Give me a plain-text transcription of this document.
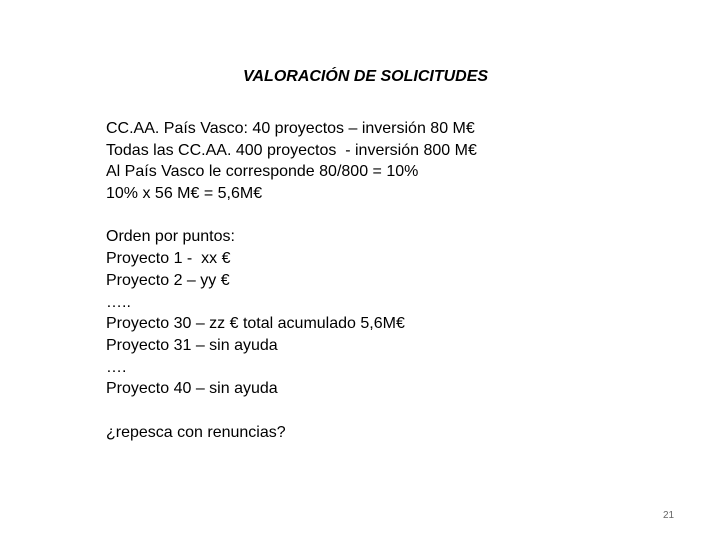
VALORACIÓN DE SOLICITUDES
CC.AA. País Vasco: 40 proyectos – inversión 80 M€
Todas las CC.AA. 400 proyectos  - inversión 800 M€
Al País Vasco le corresponde 80/800 = 10%
10% x 56 M€ = 5,6M€
Orden por puntos:
Proyecto 1 -  xx €
Proyecto 2 – yy €
…..
Proyecto 30 – zz € total acumulado 5,6M€
Proyecto 31 – sin ayuda
….
Proyecto 40 – sin ayuda
¿repesca con renuncias?
21
